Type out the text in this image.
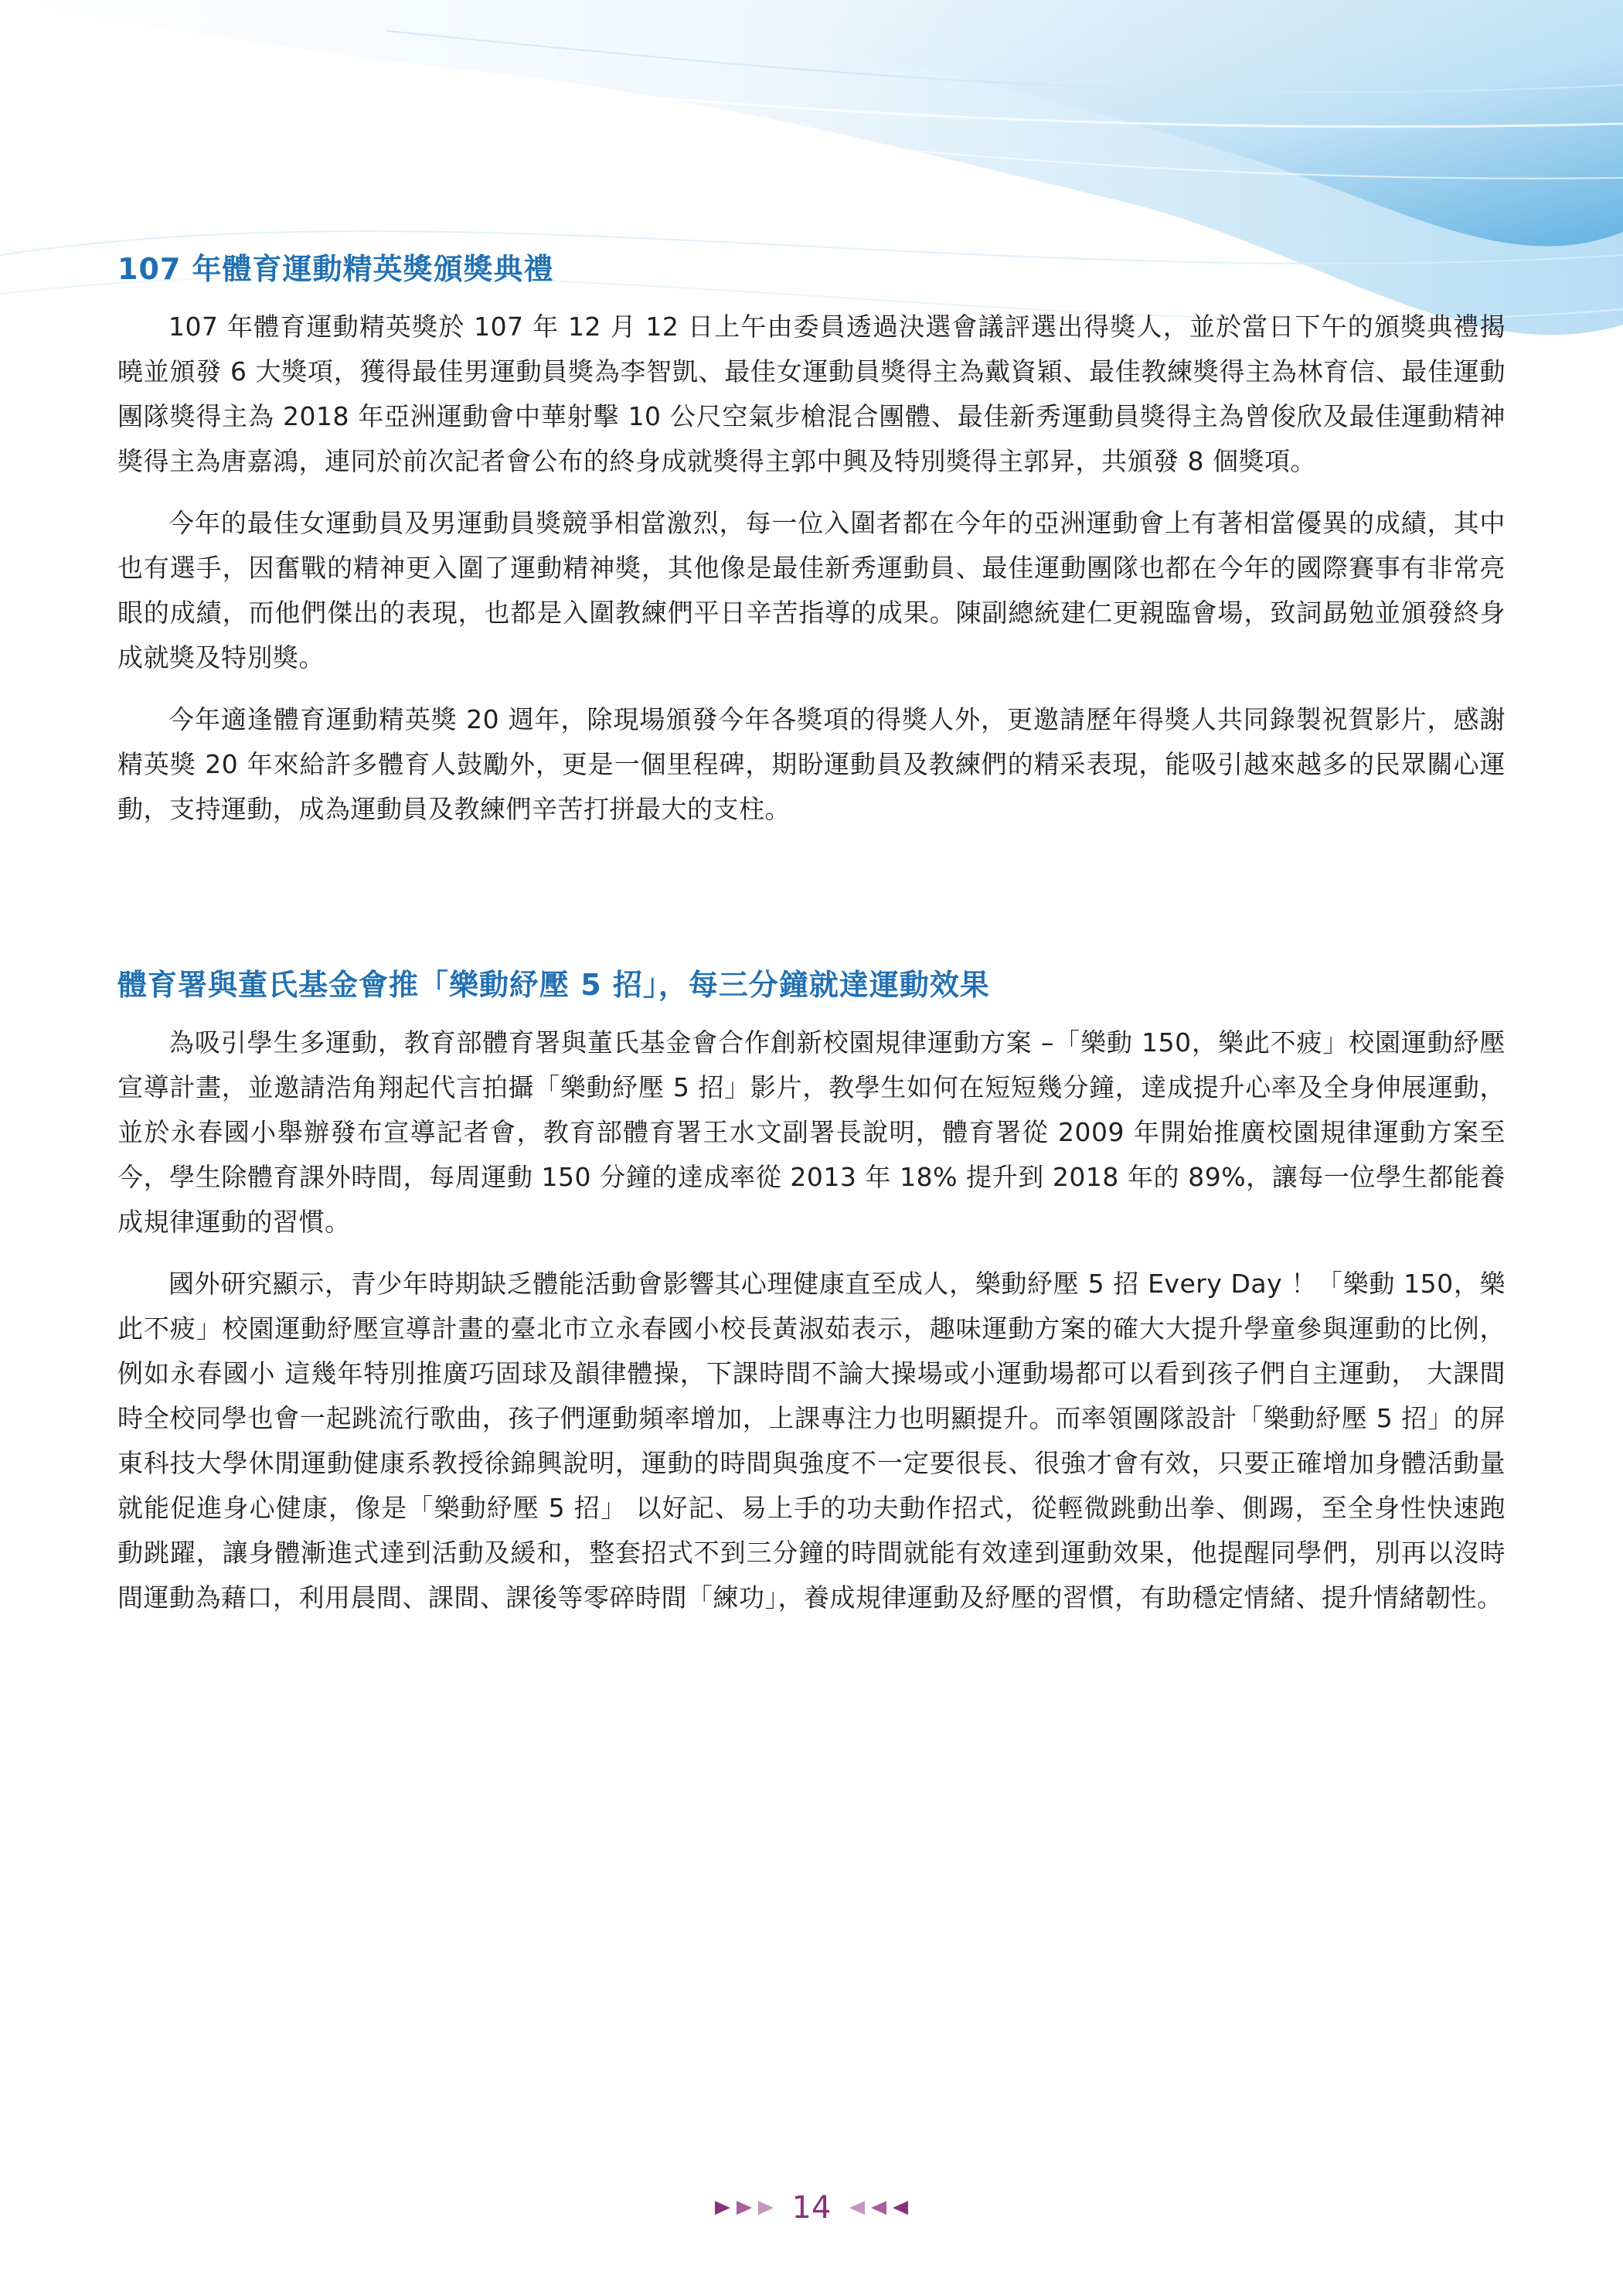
107 年體育運動精英獎頒獎典禮

107 年體育運動精英獎於 107 年 12 月 12 日上午由委員透過決選會議評選出得獎人，並於當日下午的頒獎典禮揭曉並頒發 6 大獎項，獲得最佳男運動員獎為李智凱、最佳女運動員獎得主為戴資穎、最佳教練獎得主為林育信、最佳運動團隊獎得主為 2018 年亞洲運動會中華射擊 10 公尺空氣步槍混合團體、最佳新秀運動員獎得主為曾俊欣及最佳運動精神獎得主為唐嘉鴻，連同於前次記者會公布的終身成就獎得主郭中興及特別獎得主郭昇，共頒發 8 個獎項。

今年的最佳女運動員及男運動員獎競爭相當激烈，每一位入圍者都在今年的亞洲運動會上有著相當優異的成績，其中也有選手，因奮戰的精神更入圍了運動精神獎，其他像是最佳新秀運動員、最佳運動團隊也都在今年的國際賽事有非常亮眼的成績，而他們傑出的表現，也都是入圍教練們平日辛苦指導的成果。陳副總統建仁更親臨會場，致詞勗勉並頒發終身成就獎及特別獎。

今年適逢體育運動精英獎 20 週年，除現場頒發今年各獎項的得獎人外，更邀請歷年得獎人共同錄製祝賀影片，感謝精英獎 20 年來給許多體育人鼓勵外，更是一個里程碑，期盼運動員及教練們的精采表現，能吸引越來越多的民眾關心運動，支持運動，成為運動員及教練們辛苦打拼最大的支柱。

體育署與董氏基金會推「樂動紓壓 5 招」，每三分鐘就達運動效果

為吸引學生多運動，教育部體育署與董氏基金會合作創新校園規律運動方案 –「樂動 150，樂此不疲」校園運動紓壓宣導計畫，並邀請浩角翔起代言拍攝「樂動紓壓 5 招」影片，教學生如何在短短幾分鐘，達成提升心率及全身伸展運動，並於永春國小舉辦發布宣導記者會，教育部體育署王水文副署長說明，體育署從 2009 年開始推廣校園規律運動方案至今，學生除體育課外時間，每周運動 150 分鐘的達成率從 2013 年 18% 提升到 2018 年的 89%，讓每一位學生都能養成規律運動的習慣。

國外研究顯示，青少年時期缺乏體能活動會影響其心理健康直至成人，樂動紓壓 5 招 Every Day ！「樂動 150，樂此不疲」校園運動紓壓宣導計畫的臺北市立永春國小校長黃淑茹表示，趣味運動方案的確大大提升學童參與運動的比例，例如永春國小 這幾年特別推廣巧固球及韻律體操，下課時間不論大操場或小運動場都可以看到孩子們自主運動， 大課間時全校同學也會一起跳流行歌曲，孩子們運動頻率增加，上課專注力也明顯提升。而率領團隊設計「樂動紓壓 5 招」的屏東科技大學休閒運動健康系教授徐錦興說明，運動的時間與強度不一定要很長、很強才會有效，只要正確增加身體活動量就能促進身心健康，像是「樂動紓壓 5 招」 以好記、易上手的功夫動作招式，從輕微跳動出拳、側踢，至全身性快速跑動跳躍，讓身體漸進式達到活動及緩和，整套招式不到三分鐘的時間就能有效達到運動效果，他提醒同學們，別再以沒時間運動為藉口，利用晨間、課間、課後等零碎時間「練功」，養成規律運動及紓壓的習慣，有助穩定情緒、提升情緒韌性。

14
